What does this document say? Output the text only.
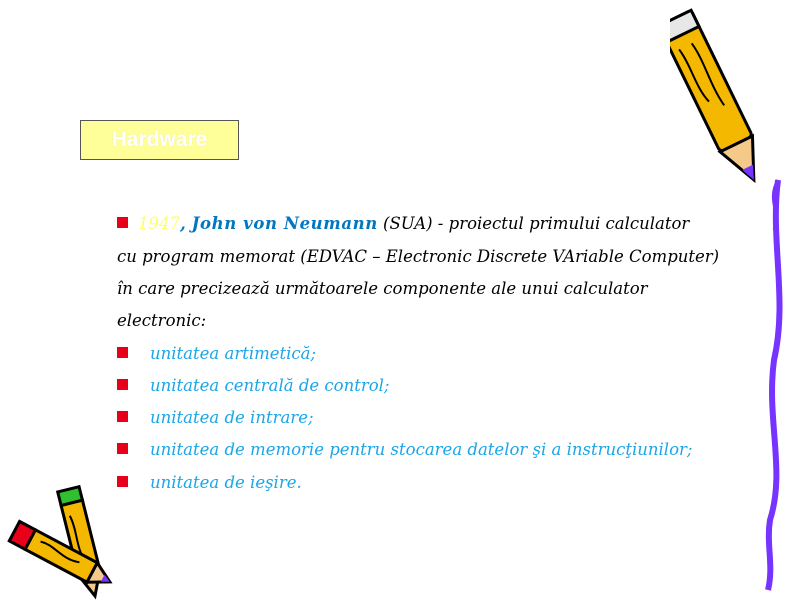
Hardware
1947, John von Neumann (SUA) - proiectul primului calculator
cu program memorat (EDVAC – Electronic Discrete VAriable Computer)
în care precizează următoarele componente ale unui calculator
electronic:
unitatea artimetică;
unitatea centrală de control;
unitatea de intrare;
unitatea de memorie pentru stocarea datelor şi a instrucţiunilor;
unitatea de ieşire.
